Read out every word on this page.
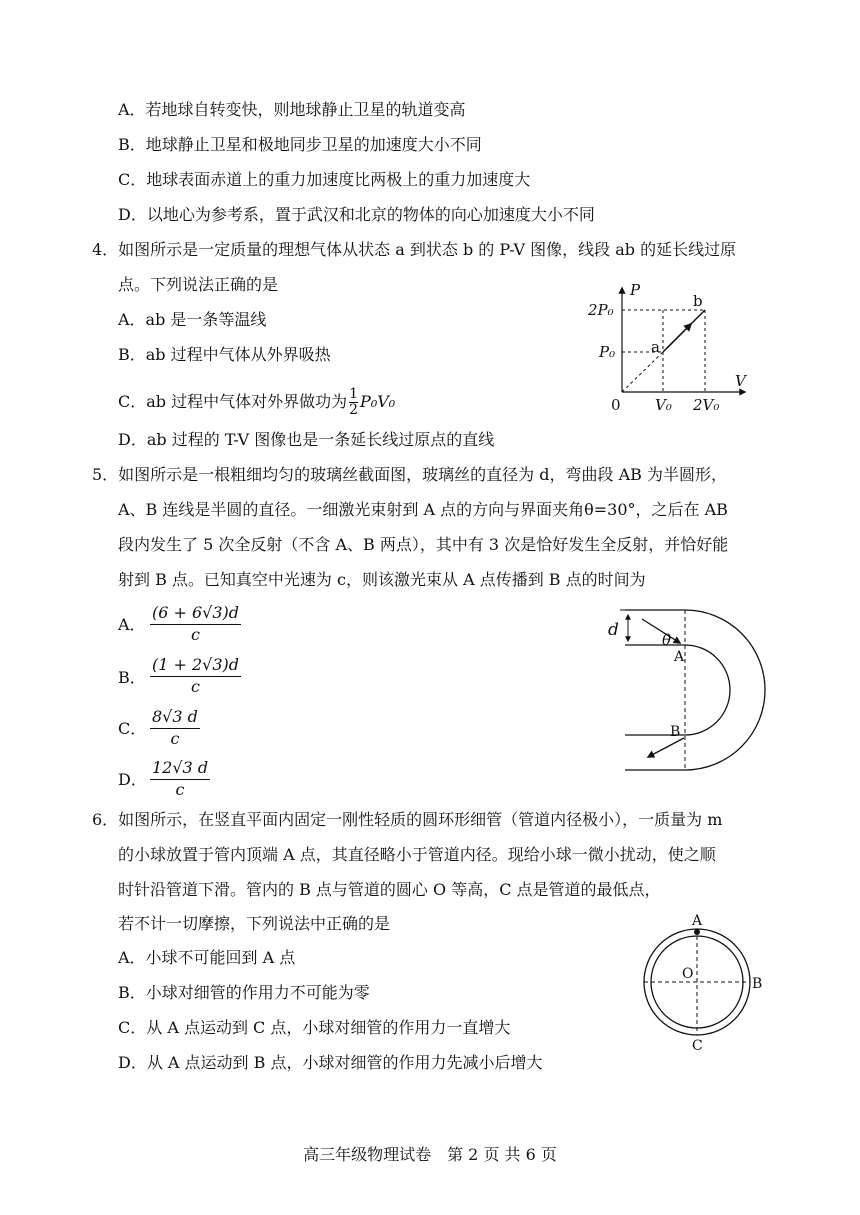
A．若地球自转变快，则地球静止卫星的轨道变高
B．地球静止卫星和极地同步卫星的加速度大小不同
C．地球表面赤道上的重力加速度比两极上的重力加速度大
D．以地心为参考系，置于武汉和北京的物体的向心加速度大小不同
4．如图所示是一定质量的理想气体从状态 a 到状态 b 的 P-V 图像，线段 ab 的延长线过原
点。下列说法正确的是
A．ab 是一条等温线
B．ab 过程中气体从外界吸热
C．ab 过程中气体对外界做功为 $\frac{1}{2} P_0V_0$
D．ab 过程的 T-V 图像也是一条延长线过原点的直线
P
V
0
2P₀
P₀
V₀ 2V₀
a
b
5．如图所示是一根粗细均匀的玻璃丝截面图，玻璃丝的直径为 d，弯曲段 AB 为半圆形，
A、B 连线是半圆的直径。一细激光束射到 A 点的方向与界面夹角θ=30°，之后在 AB
段内发生了 5 次全反射（不含 A、B 两点），其中有 3 次是恰好发生全反射，并恰好能
射到 B 点。已知真空中光速为 c，则该激光束从 A 点传播到 B 点的时间为
A． $\frac{(6 + 6√3)d}{c}$
B． $\frac{(1 + 2√3)d}{c}$
C． $\frac{8√3 d}{c}$
D． $\frac{12√3 d}{c}$
d	θ
A
B
6．如图所示，在竖直平面内固定一刚性轻质的圆环形细管（管道内径极小），一质量为 m
的小球放置于管内顶端 A 点，其直径略小于管道内径。现给小球一微小扰动，使之顺
时针沿管道下滑。管内的 B 点与管道的圆心 O 等高，C 点是管道的最低点，
若不计一切摩擦，下列说法中正确的是
A．小球不可能回到 A 点
B．小球对细管的作用力不可能为零
C．从 A 点运动到 C 点，小球对细管的作用力一直增大
D．从 A 点运动到 B 点，小球对细管的作用力先减小后增大
A
O
B
C
高三年级物理试卷　第 2 页 共 6 页
